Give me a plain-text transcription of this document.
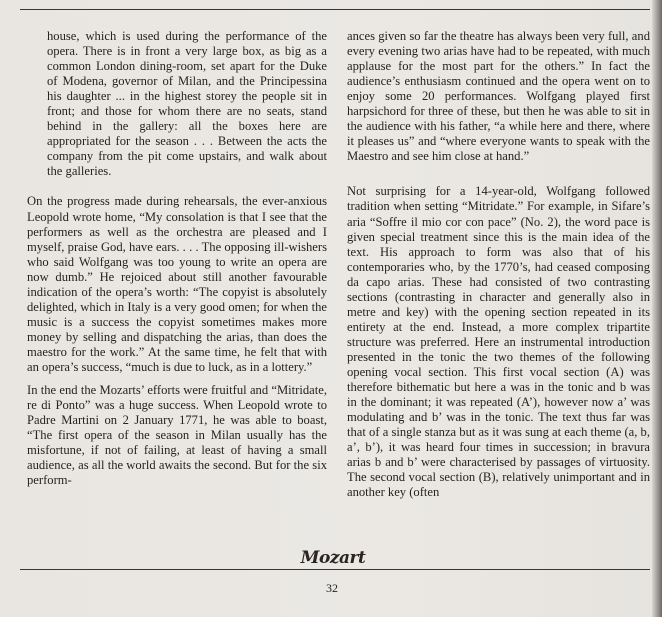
house, which is used during the performance of the opera. There is in front a very large box, as big as a common London dining-room, set apart for the Duke of Modena, governor of Milan, and the Principessina his daughter ... in the highest storey the people sit in front; and those for whom there are no seats, stand behind in the gallery: all the boxes here are appropriated for the season . . . Between the acts the company from the pit come upstairs, and walk about the galleries.

On the progress made during rehearsals, the ever-anxious Leopold wrote home, “My consolation is that I see that the performers as well as the orchestra are pleased and I myself, praise God, have ears. . . . The opposing ill-wishers who said Wolfgang was too young to write an opera are now dumb.” He rejoiced about still another favourable indication of the opera’s worth: “The copyist is absolutely delighted, which in Italy is a very good omen; for when the music is a success the copyist sometimes makes more money by selling and dispatching the arias, than does the maestro for the work.” At the same time, he felt that with an opera’s success, “much is due to luck, as in a lottery.”

In the end the Mozarts’ efforts were fruitful and “Mitridate, re di Ponto” was a huge success. When Leopold wrote to Padre Martini on 2 January 1771, he was able to boast, “The first opera of the season in Milan usually has the misfortune, if not of failing, at least of having a small audience, as all the world awaits the second. But for the six perform-

ances given so far the theatre has always been very full, and every evening two arias have had to be repeated, with much applause for the most part for the others.” In fact the audience’s enthusiasm continued and the opera went on to enjoy some 20 performances. Wolfgang played first harpsichord for three of these, but then he was able to sit in the audience with his father, “a while here and there, where it pleases us” and “where everyone wants to speak with the Maestro and see him close at hand.”

Not surprising for a 14-year-old, Wolfgang followed tradition when setting “Mitridate.” For example, in Sifare’s aria “Soffre il mio cor con pace” (No. 2), the word pace is given special treatment since this is the main idea of the text. His approach to form was also that of his contemporaries who, by the 1770’s, had ceased composing da capo arias. These had consisted of two contrasting sections (contrasting in character and generally also in metre and key) with the opening section repeated in its entirety at the end. Instead, a more complex tripartite structure was preferred. Here an instrumental introduction presented in the tonic the two themes of the following opening vocal section. This first vocal section (A) was therefore bithematic but here a was in the tonic and b was in the dominant; it was repeated (A’), however now a’ was modulating and b’ was in the tonic. The text thus far was that of a single stanza but as it was sung at each theme (a, b, a’, b’), it was heard four times in succession; in bravura arias b and b’ were characterised by passages of virtuosity. The second vocal section (B), relatively unimportant and in another key (often

Mozart
32
